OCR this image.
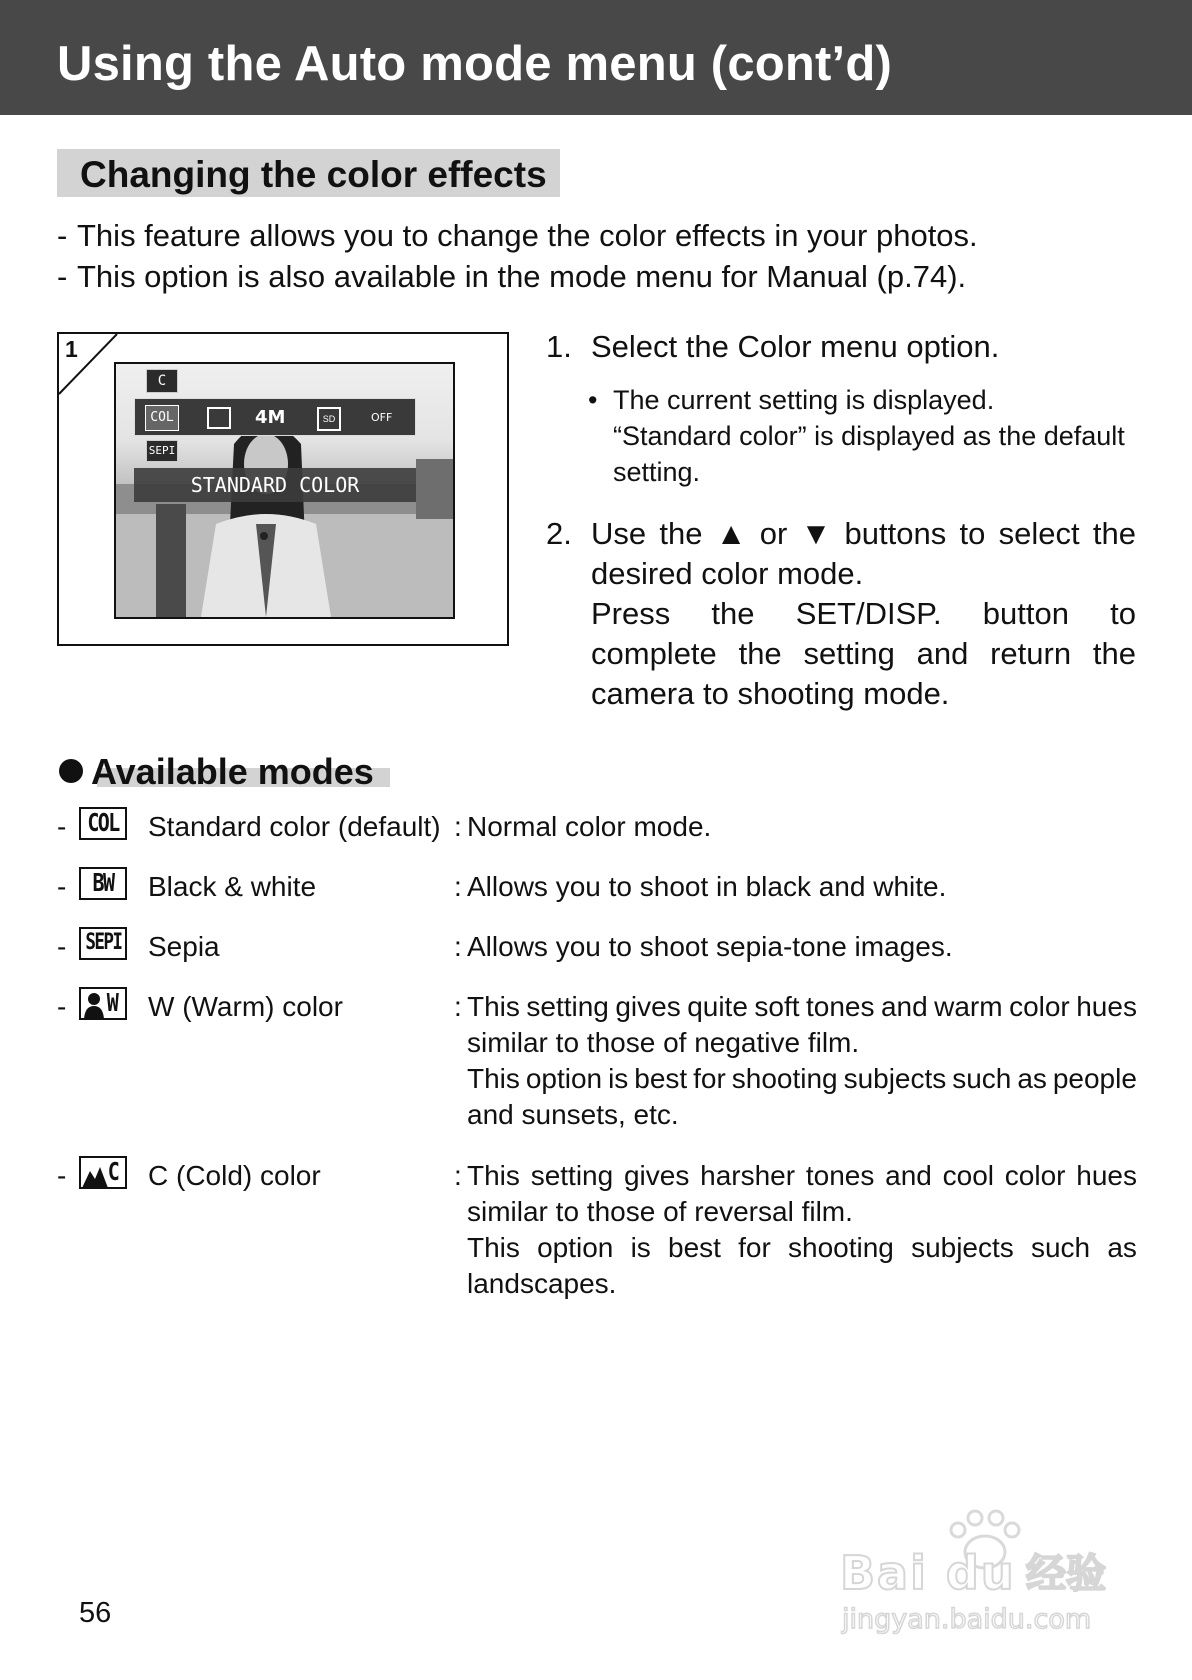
Using the Auto mode menu (cont’d)
Changing the color effects
- This feature allows you to change the color effects in your photos.
- This option is also available in the mode menu for Manual (p.74).
1
C
COL	4M	SD	OFF
SEPI
STANDARD COLOR
1. Select the Color menu option.
• The current setting is displayed.
“Standard color” is displayed as the default
setting.
2. Use the ▲ or ▼ buttons to select the
desired color mode.
Press the SET/DISP. button to
complete the setting and return the
camera to shooting mode.
Available modes
- COL Standard color (default) : Normal color mode.
- BW Black & white	: Allows you to shoot in black and white.
- SEPI Sepia	: Allows you to shoot sepia-tone images.
- W W (Warm) color	: This setting gives quite soft tones and warm color hues
similar to those of negative film.
This option is best for shooting subjects such as people
and sunsets, etc.
- C C (Cold) color	: This setting gives harsher tones and cool color hues
similar to those of reversal film.
This option is best for shooting subjects such as
landscapes.
56
Bai du 经验
jingyan.baidu.com
